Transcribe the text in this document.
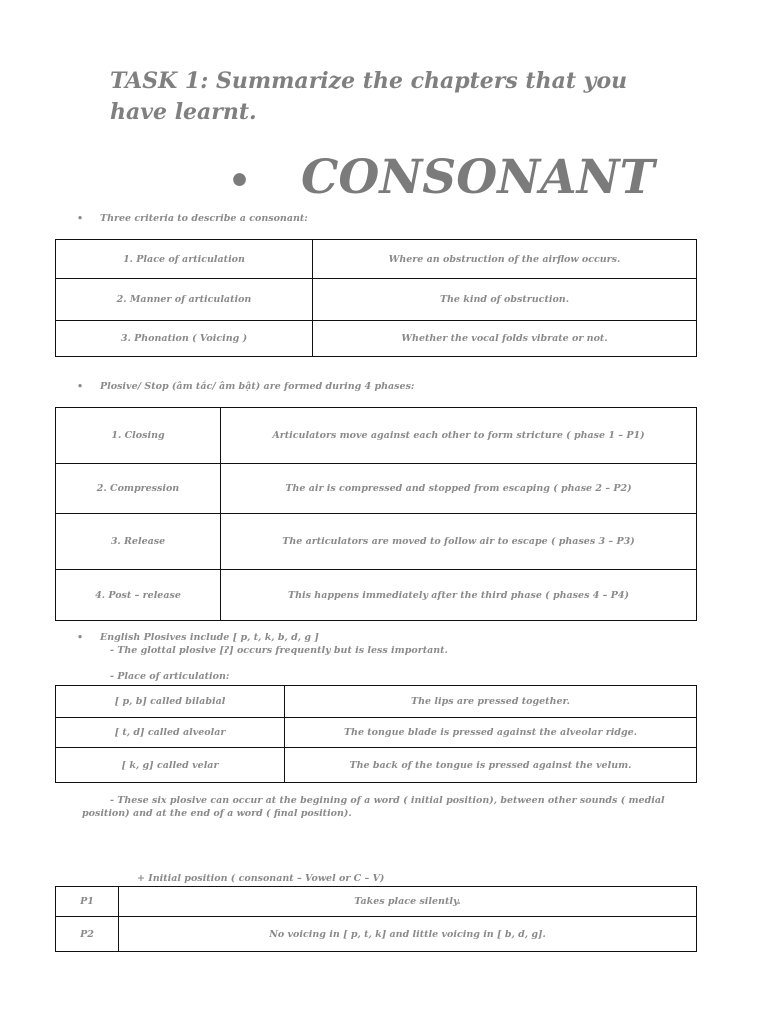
TASK 1: Summarize the chapters that you have learnt.
• CONSONANT
• Three criteria to describe a consonant:
1. Place of articulation	Where an obstruction of the airflow occurs.
2. Manner of articulation	The kind of obstruction.
3. Phonation ( Voicing )	Whether the vocal folds vibrate or not.
• Plosive/ Stop (âm tắc/ âm bật) are formed during 4 phases:
1. Closing	Articulators move against each other to form stricture ( phase 1 – P1)
2. Compression	The air is compressed and stopped from escaping ( phase 2 – P2)
3. Release	The articulators are moved to follow air to escape ( phases 3 – P3)
4. Post – release	This happens immediately after the third phase ( phases 4 – P4)
• English Plosives include [ p, t, k, b, d, g ]
- The glottal plosive [ʔ] occurs frequently but is less important.
- Place of articulation:
[ p, b] called bilabial	The lips are pressed together.
[ t, d] called alveolar	The tongue blade is pressed against the alveolar ridge.
[ k, g] called velar	The back of the tongue is pressed against the velum.
- These six plosive can occur at the begining of a word ( initial position), between other sounds ( medial position) and at the end of a word ( final position).
+ Initial position ( consonant – Vowel or C – V)
P1	Takes place silently.
P2	No voicing in [ p, t, k] and little voicing in [ b, d, g].
